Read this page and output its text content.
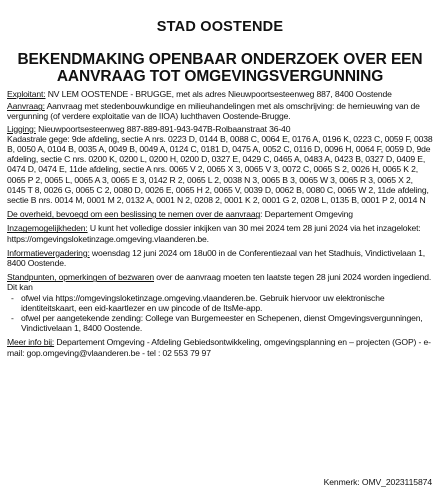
STAD OOSTENDE
BEKENDMAKING OPENBAAR ONDERZOEK OVER EEN AANVRAAG TOT OMGEVINGSVERGUNNING

Exploitant: NV LEM OOSTENDE - BRUGGE, met als adres Nieuwpoortsesteenweg 887, 8400 Oostende

Aanvraag: Aanvraag met stedenbouwkundige en milieuhandelingen met als omschrijving: de hernieuwing van de vergunning (of verdere exploitatie van de IIOA) luchthaven Oostende-Brugge.

Ligging: Nieuwpoortsesteenweg 887-889-891-943-947B-Rolbaanstraat 36-40

Kadastrale gege: 9de afdeling, sectie A nrs. 0223 D, 0144 B, 0088 C, 0064 E, 0176 A, 0196 K, 0223 C, 0059 F, 0038 B, 0050 A, 0104 B, 0035 A, 0049 B, 0049 A, 0124 C, 0181 D, 0475 A, 0052 C, 0116 D, 0096 H, 0064 F, 0059 D, 9de afdeling, sectie C nrs. 0200 K, 0200 L, 0200 H, 0200 D, 0327 E, 0429 C, 0465 A, 0483 A, 0423 B, 0327 D, 0409 E, 0474 D, 0474 E, 11de afdeling, sectie A nrs. 0065 V 2, 0065 X 3, 0065 V 3, 0072 C, 0065 S 2, 0026 H, 0065 K 2, 0065 P 2, 0065 L, 0065 A 3, 0065 E 3, 0142 R 2, 0065 L 2, 0038 N 3, 0065 B 3, 0065 W 3, 0065 R 3, 0065 X 2, 0145 T 8, 0026 G, 0065 C 2, 0080 D, 0026 E, 0065 H 2, 0065 V, 0039 D, 0062 B, 0080 C, 0065 W 2, 11de afdeling, sectie B nrs. 0014 M, 0001 M 2, 0132 A, 0001 N 2, 0208 2, 0001 K 2, 0001 G 2, 0208 L, 0135 B, 0001 P 2, 0014 N

De overheid, bevoegd om een beslissing te nemen over de aanvraag: Departement Omgeving

Inzagemogelijkheden: U kunt het volledige dossier inkijken van 30 mei 2024 tem 28 juni 2024 via het inzageloket: https://omgevingsloketinzage.omgeving.vlaanderen.be.

Informatievergadering: woensdag 12 juni 2024 om 18u00 in de Conferentiezaal van het Stadhuis, Vindictivelaan 1, 8400 Oostende.

Standpunten, opmerkingen of bezwaren over de aanvraag moeten ten laatste tegen 28 juni 2024 worden ingediend. Dit kan

- ofwel via https://omgevingsloketinzage.omgeving.vlaanderen.be. Gebruik hiervoor uw elektronische identiteitskaart, een eid-kaartlezer en uw pincode of de ItsMe-app.
- ofwel per aangetekende zending: College van Burgemeester en Schepenen, dienst Omgevingsvergunningen, Vindictivelaan 1, 8400 Oostende.

Meer info bij: Departement Omgeving - Afdeling Gebiedsontwikkeling, omgevingsplanning en – projecten (GOP) - e-mail: gop.omgeving@vlaanderen.be - tel : 02 553 79 97

Kenmerk: OMV_2023115874
